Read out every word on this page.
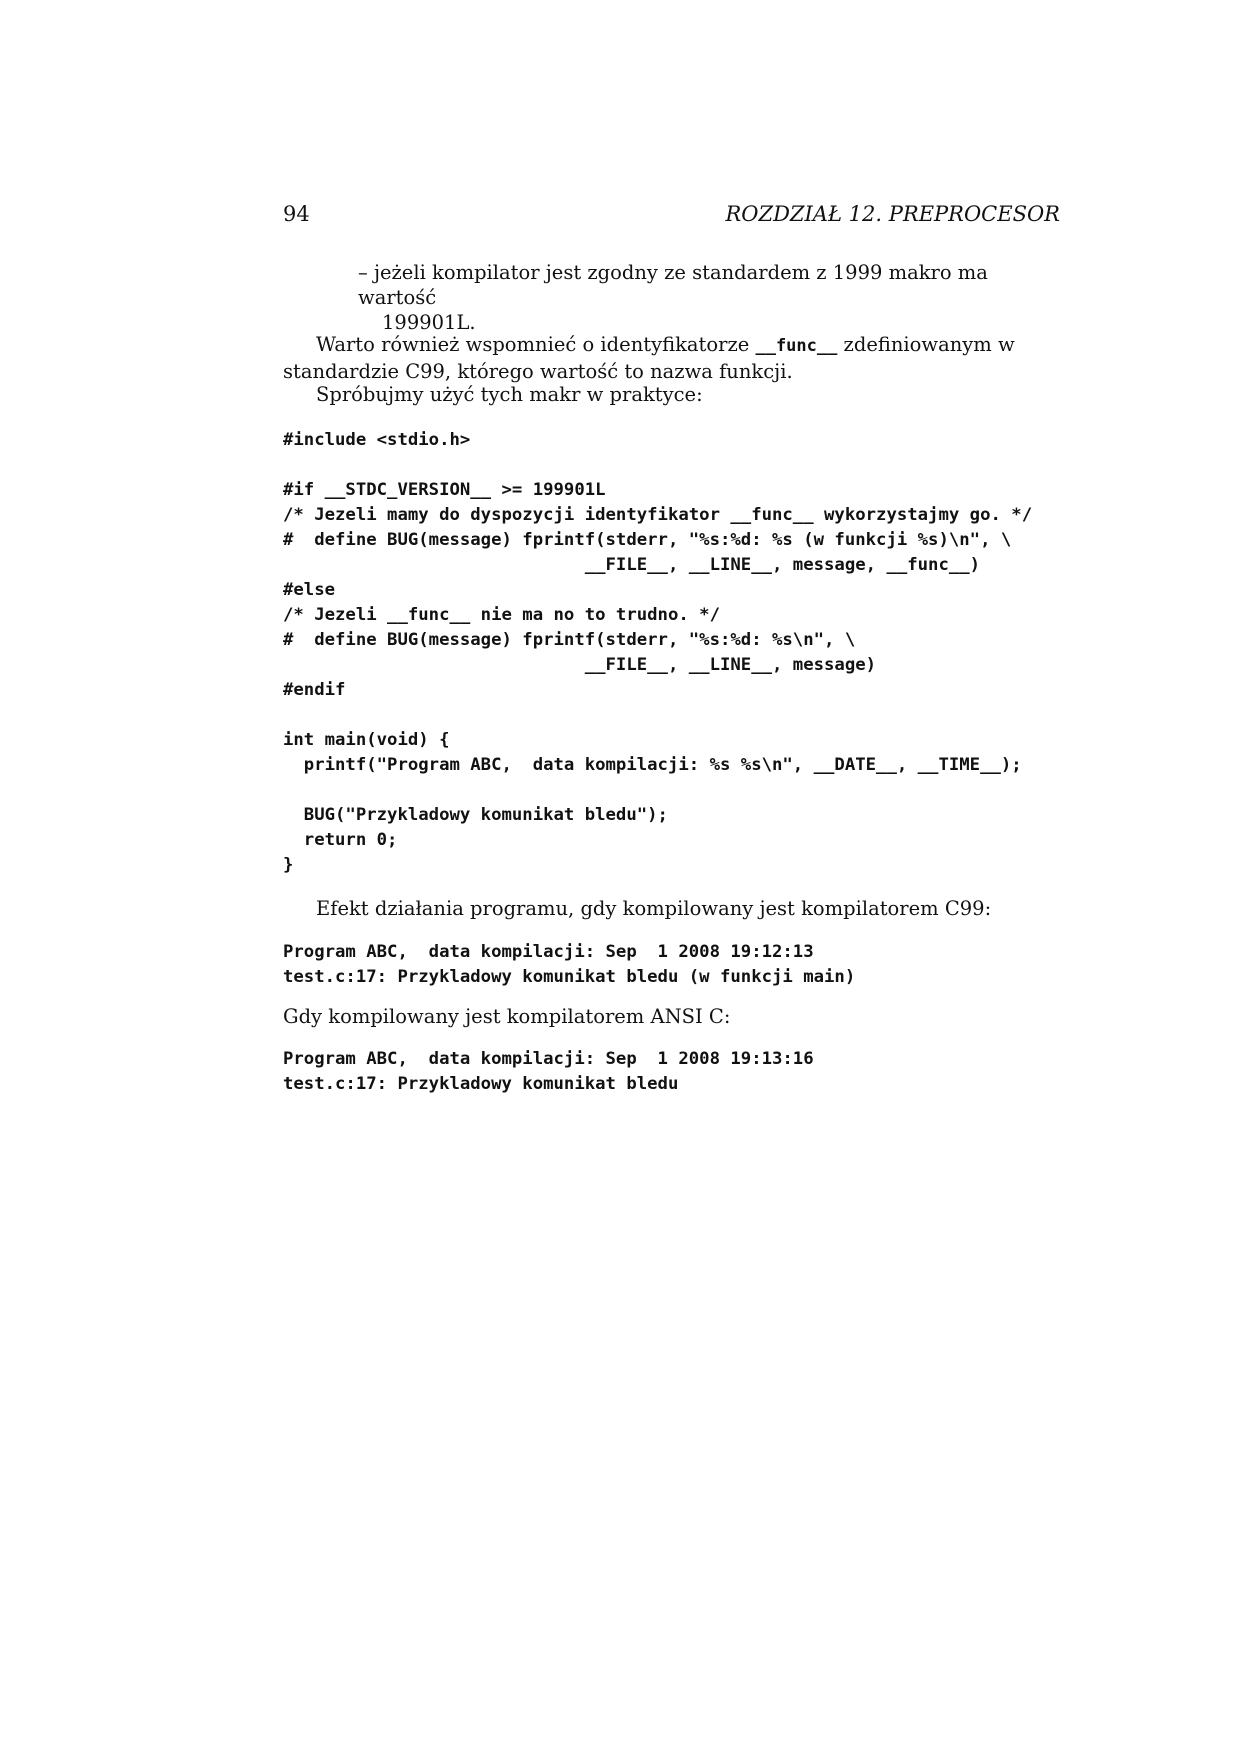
94	ROZDZIAŁ 12. PREPROCESOR
– jeżeli kompilator jest zgodny ze standardem z 1999 makro ma wartość
199901L.

Warto również wspomnieć o identyfikatorze __func__ zdefiniowanym w standardzie C99, którego wartość to nazwa funkcji.

Spróbujmy użyć tych makr w praktyce:

#include <stdio.h>

#if __STDC_VERSION__ >= 199901L
/* Jezeli mamy do dyspozycji identyfikator __func__ wykorzystajmy go. */
#  define BUG(message) fprintf(stderr, "%s:%d: %s (w funkcji %s)\n", \
__FILE__, __LINE__, message, __func__)
#else
/* Jezeli __func__ nie ma no to trudno. */
#  define BUG(message) fprintf(stderr, "%s:%d: %s\n", \
__FILE__, __LINE__, message)
#endif

int main(void) {
printf("Program ABC,  data kompilacji: %s %s\n", __DATE__, __TIME__);

BUG("Przykladowy komunikat bledu");
return 0;
}

Efekt działania programu, gdy kompilowany jest kompilatorem C99:

Program ABC,  data kompilacji: Sep  1 2008 19:12:13
test.c:17: Przykladowy komunikat bledu (w funkcji main)

Gdy kompilowany jest kompilatorem ANSI C:

Program ABC,  data kompilacji: Sep  1 2008 19:13:16
test.c:17: Przykladowy komunikat bledu
